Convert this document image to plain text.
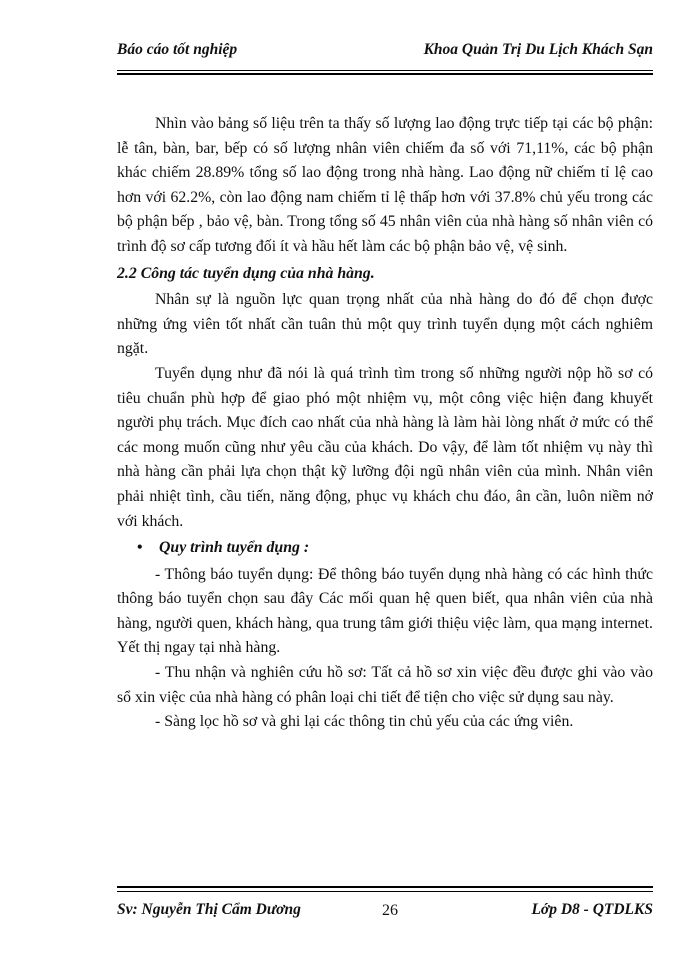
Báo cáo tốt nghiệp	Khoa Quản Trị Du Lịch Khách Sạn

Nhìn vào bảng số liệu trên ta thấy số lượng lao động trực tiếp tại các bộ phận: lễ tân, bàn, bar, bếp có số lượng nhân viên chiếm đa số với 71,11%, các bộ phận khác chiếm 28.89% tổng số lao động trong nhà hàng. Lao động nữ chiếm tỉ lệ cao hơn với 62.2%, còn lao động nam chiếm tỉ lệ thấp hơn với 37.8% chủ yếu trong các bộ phận bếp , bảo vệ, bàn. Trong tổng số 45 nhân viên của nhà hàng số nhân viên có trình độ sơ cấp tương đối ít và hầu hết làm các bộ phận bảo vệ, vệ sinh.

2.2 Công tác tuyển dụng của nhà hàng.

Nhân sự là nguồn lực quan trọng nhất của nhà hàng do đó để chọn được những ứng viên tốt nhất cần tuân thủ một quy trình tuyển dụng một cách nghiêm ngặt.

Tuyển dụng như đã nói là quá trình tìm trong số những người nộp hồ sơ có tiêu chuẩn phù hợp để giao phó một nhiệm vụ, một công việc hiện đang khuyết người phụ trách. Mục đích cao nhất của nhà hàng là làm hài lòng nhất ở mức có thể các mong muốn cũng như yêu cầu của khách. Do vậy, để làm tốt nhiệm vụ này thì nhà hàng cần phải lựa chọn thật kỹ lưỡng đội ngũ nhân viên của mình. Nhân viên phải nhiệt tình, cầu tiến, năng động, phục vụ khách chu đáo, ân cần, luôn niềm nở với khách.

•	Quy trình tuyển dụng :

- Thông báo tuyển dụng: Để thông báo tuyển dụng nhà hàng có các hình thức thông báo tuyển chọn sau đây Các mối quan hệ quen biết, qua nhân viên của nhà hàng, người quen, khách hàng, qua trung tâm giới thiệu việc làm, qua mạng internet. Yết thị ngay tại nhà hàng.

- Thu nhận và nghiên cứu hồ sơ: Tất cả hồ sơ xin việc đều được ghi vào vào sổ xin việc của nhà hàng có phân loại chi tiết để tiện cho việc sử dụng sau này.

- Sàng lọc hồ sơ và ghi lại các thông tin chủ yếu của các ứng viên.

Sv: Nguyễn Thị Cẩm Dương	26	Lớp D8 - QTDLKS
